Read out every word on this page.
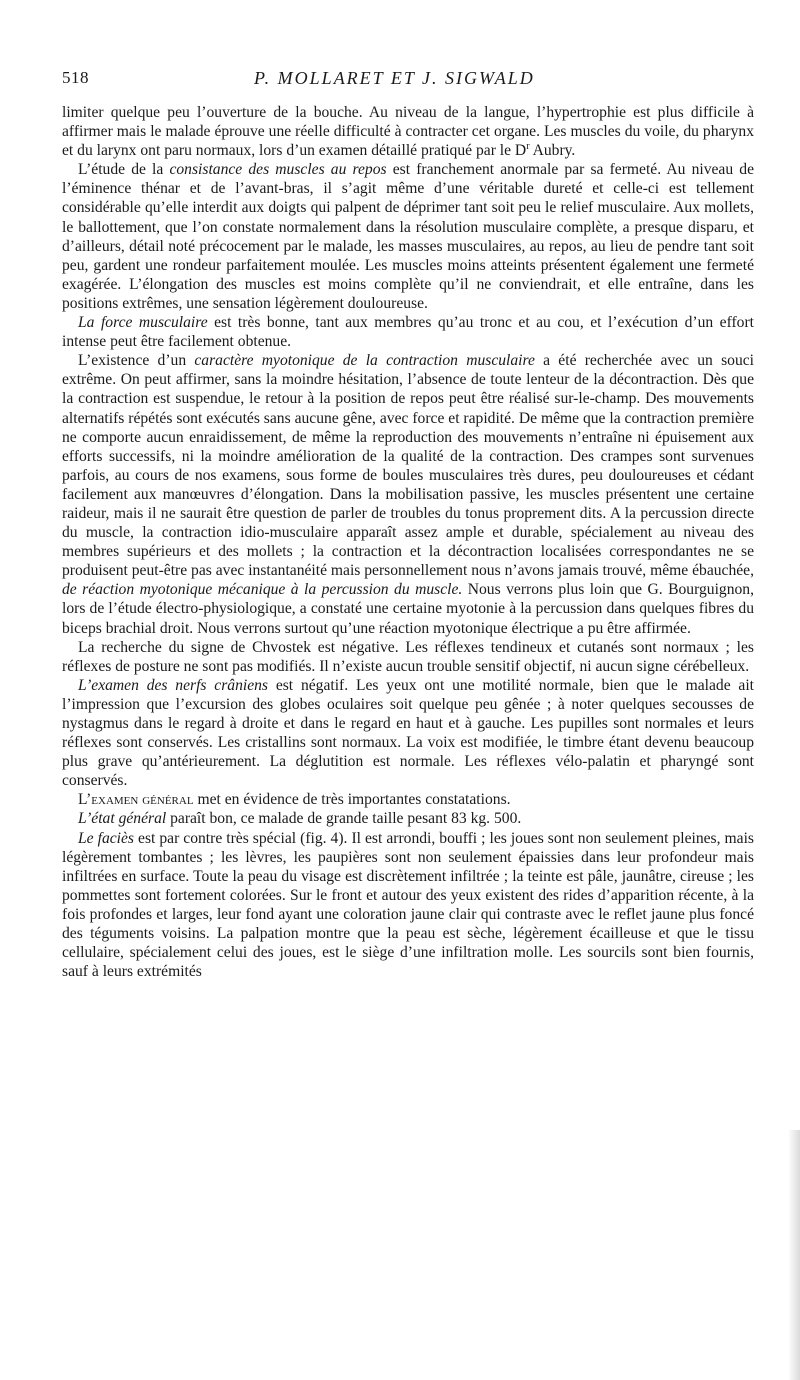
518	P. MOLLARET ET J. SIGWALD

limiter quelque peu l’ouverture de la bouche. Au niveau de la langue, l’hypertrophie est plus difficile à affirmer mais le malade éprouve une réelle difficulté à contracter cet organe. Les muscles du voile, du pharynx et du larynx ont paru normaux, lors d’un examen détaillé pratiqué par le $D^r$ Aubry.

L’étude de la consistance des muscles au repos est franchement anormale par sa fermeté. Au niveau de l’éminence thénar et de l’avant-bras, il s’agit même d’une véritable dureté et celle-ci est tellement considérable qu’elle interdit aux doigts qui palpent de déprimer tant soit peu le relief musculaire. Aux mollets, le ballottement, que l’on constate normalement dans la résolution musculaire complète, a presque disparu, et d’ailleurs, détail noté précocement par le malade, les masses musculaires, au repos, au lieu de pendre tant soit peu, gardent une rondeur parfaitement moulée. Les muscles moins atteints présentent également une fermeté exagérée. L’élongation des muscles est moins complète qu’il ne conviendrait, et elle entraîne, dans les positions extrêmes, une sensation légèrement douloureuse.

La force musculaire est très bonne, tant aux membres qu’au tronc et au cou, et l’exécution d’un effort intense peut être facilement obtenue.

L’existence d’un caractère myotonique de la contraction musculaire a été recherchée avec un souci extrême. On peut affirmer, sans la moindre hésitation, l’absence de toute lenteur de la décontraction. Dès que la contraction est suspendue, le retour à la position de repos peut être réalisé sur-le-champ. Des mouvements alternatifs répétés sont exécutés sans aucune gêne, avec force et rapidité. De même que la contraction première ne comporte aucun enraidissement, de même la reproduction des mouvements n’entraîne ni épuisement aux efforts successifs, ni la moindre amélioration de la qualité de la contraction. Des crampes sont survenues parfois, au cours de nos examens, sous forme de boules musculaires très dures, peu douloureuses et cédant facilement aux manœuvres d’élongation. Dans la mobilisation passive, les muscles présentent une certaine raideur, mais il ne saurait être question de parler de troubles du tonus proprement dits. A la percussion directe du muscle, la contraction idio-musculaire apparaît assez ample et durable, spécialement au niveau des membres supérieurs et des mollets ; la contraction et la décontraction localisées correspondantes ne se produisent peut-être pas avec instantanéité mais personnellement nous n’avons jamais trouvé, même ébauchée, de réaction myotonique mécanique à la percussion du muscle. Nous verrons plus loin que G. Bourguignon, lors de l’étude électro-physiologique, a constaté une certaine myotonie à la percussion dans quelques fibres du biceps brachial droit. Nous verrons surtout qu’une réaction myotonique électrique a pu être affirmée.

La recherche du signe de Chvostek est négative. Les réflexes tendineux et cutanés sont normaux ; les réflexes de posture ne sont pas modifiés. Il n’existe aucun trouble sensitif objectif, ni aucun signe cérébelleux.

L’examen des nerfs crâniens est négatif. Les yeux ont une motilité normale, bien que le malade ait l’impression que l’excursion des globes oculaires soit quelque peu gênée ; à noter quelques secousses de nystagmus dans le regard à droite et dans le regard en haut et à gauche. Les pupilles sont normales et leurs réflexes sont conservés. Les cristallins sont normaux. La voix est modifiée, le timbre étant devenu beaucoup plus grave qu’antérieurement. La déglutition est normale. Les réflexes vélo-palatin et pharyngé sont conservés.

L’examen général met en évidence de très importantes constatations.

L’état général paraît bon, ce malade de grande taille pesant 83 kg. 500.

Le faciès est par contre très spécial (fig. 4). Il est arrondi, bouffi ; les joues sont non seulement pleines, mais légèrement tombantes ; les lèvres, les paupières sont non seulement épaissies dans leur profondeur mais infiltrées en surface. Toute la peau du visage est discrètement infiltrée ; la teinte est pâle, jaunâtre, cireuse ; les pommettes sont fortement colorées. Sur le front et autour des yeux existent des rides d’apparition récente, à la fois profondes et larges, leur fond ayant une coloration jaune clair qui contraste avec le reflet jaune plus foncé des téguments voisins. La palpation montre que la peau est sèche, légèrement écailleuse et que le tissu cellulaire, spécialement celui des joues, est le siège d’une infiltration molle. Les sourcils sont bien fournis, sauf à leurs extrémités
